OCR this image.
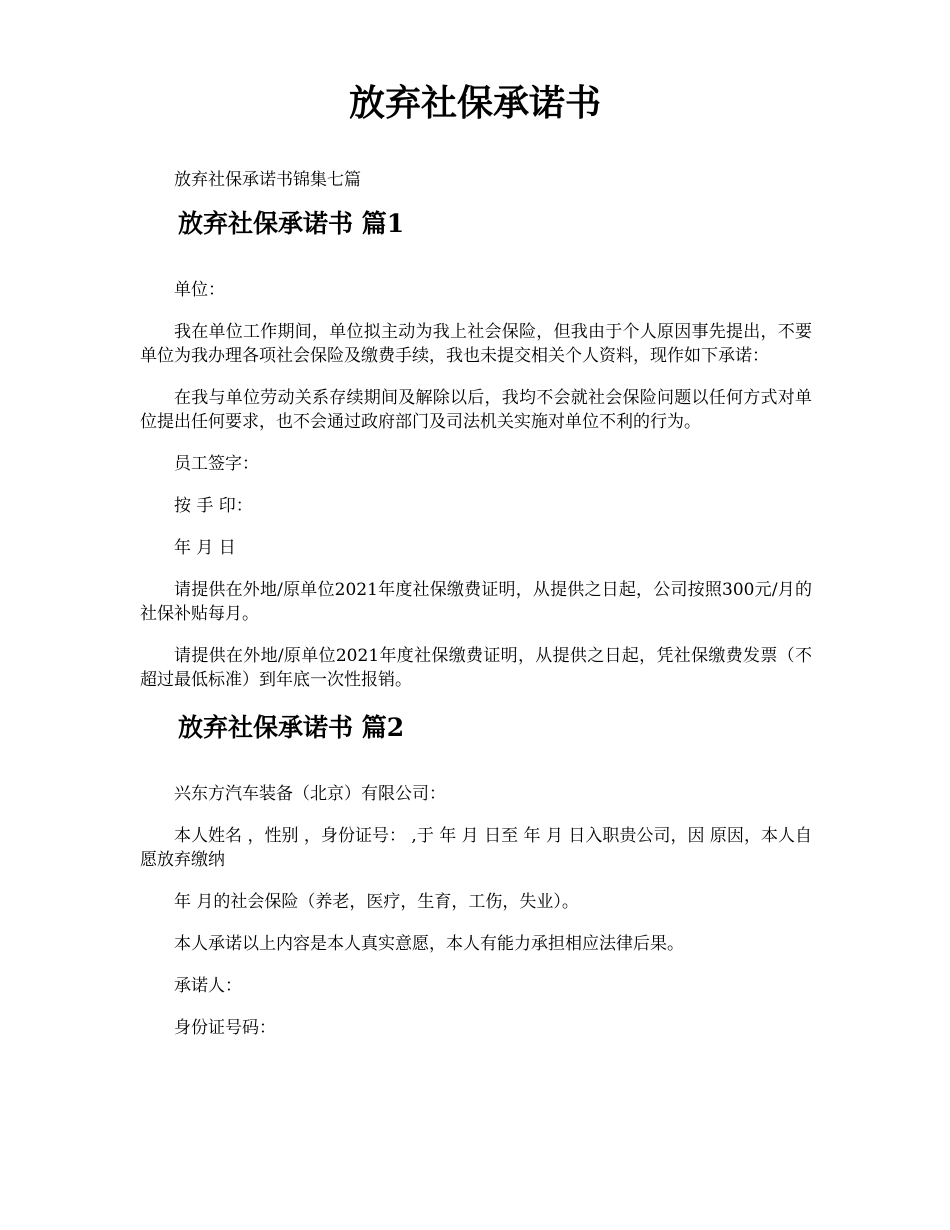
放弃社保承诺书

放弃社保承诺书锦集七篇

放弃社保承诺书 篇1

单位：

我在单位工作期间，单位拟主动为我上社会保险，但我由于个人原因事先提出，不要单位为我办理各项社会保险及缴费手续，我也未提交相关个人资料，现作如下承诺：

在我与单位劳动关系存续期间及解除以后，我均不会就社会保险问题以任何方式对单位提出任何要求，也不会通过政府部门及司法机关实施对单位不利的行为。

员工签字：

按 手 印：

年 月 日

请提供在外地/原单位2021年度社保缴费证明，从提供之日起，公司按照300元/月的社保补贴每月。

请提供在外地/原单位2021年度社保缴费证明，从提供之日起，凭社保缴费发票（不超过最低标准）到年底一次性报销。

放弃社保承诺书 篇2

兴东方汽车装备（北京）有限公司：

本人姓名 ，性别 ，身份证号： ,于 年 月 日至 年 月 日入职贵公司，因 原因，本人自愿放弃缴纳

年 月的社会保险（养老，医疗，生育，工伤，失业）。

本人承诺以上内容是本人真实意愿，本人有能力承担相应法律后果。

承诺人：

身份证号码：
